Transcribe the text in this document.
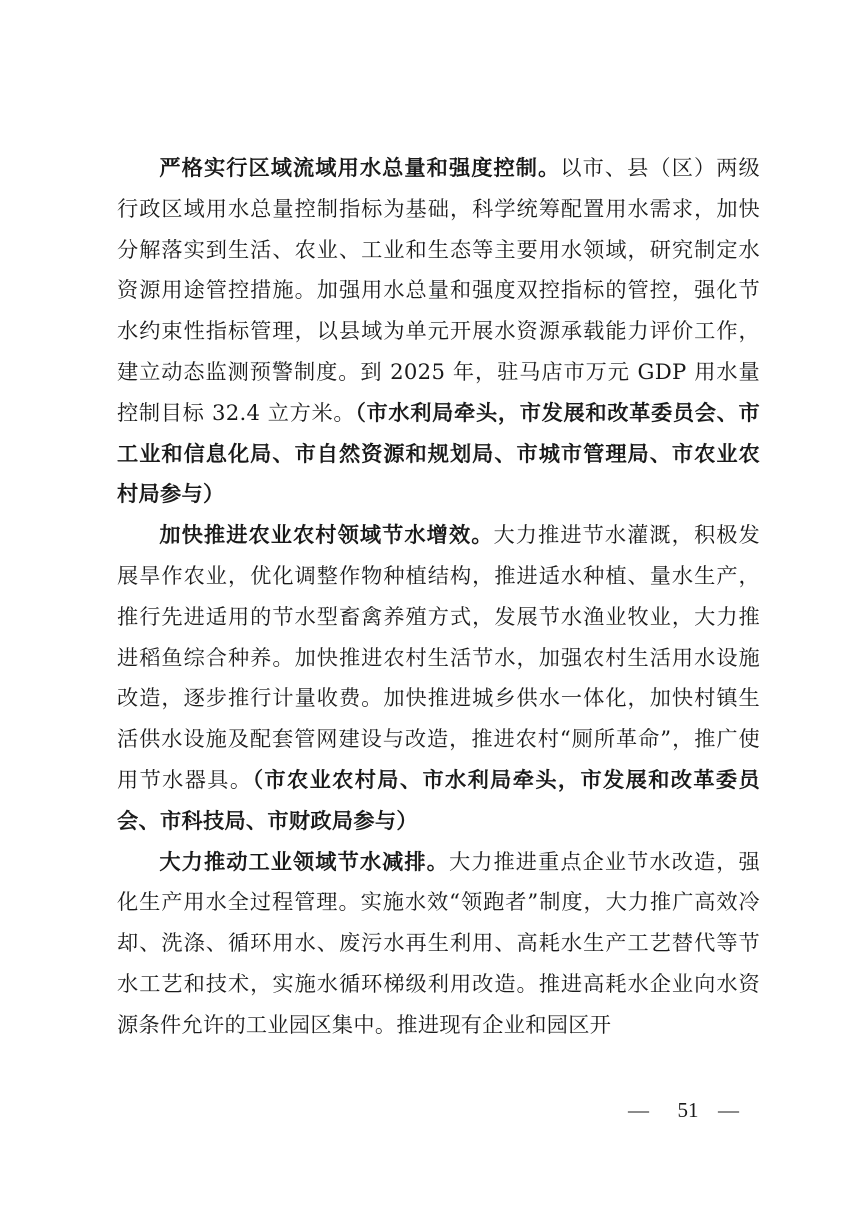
严格实行区域流域用水总量和强度控制。以市、县（区）两级行政区域用水总量控制指标为基础，科学统筹配置用水需求，加快分解落实到生活、农业、工业和生态等主要用水领域，研究制定水资源用途管控措施。加强用水总量和强度双控指标的管控，强化节水约束性指标管理，以县域为单元开展水资源承载能力评价工作，建立动态监测预警制度。到 2025 年，驻马店市万元 GDP 用水量控制目标 32.4 立方米。（市水利局牵头，市发展和改革委员会、市工业和信息化局、市自然资源和规划局、市城市管理局、市农业农村局参与）

加快推进农业农村领域节水增效。大力推进节水灌溉，积极发展旱作农业，优化调整作物种植结构，推进适水种植、量水生产，推行先进适用的节水型畜禽养殖方式，发展节水渔业牧业，大力推进稻鱼综合种养。加快推进农村生活节水，加强农村生活用水设施改造，逐步推行计量收费。加快推进城乡供水一体化，加快村镇生活供水设施及配套管网建设与改造，推进农村“厕所革命”，推广使用节水器具。（市农业农村局、市水利局牵头，市发展和改革委员会、市科技局、市财政局参与）

大力推动工业领域节水减排。大力推进重点企业节水改造，强化生产用水全过程管理。实施水效“领跑者”制度，大力推广高效冷却、洗涤、循环用水、废污水再生利用、高耗水生产工艺替代等节水工艺和技术，实施水循环梯级利用改造。推进高耗水企业向水资源条件允许的工业园区集中。推进现有企业和园区开

—	51 —
